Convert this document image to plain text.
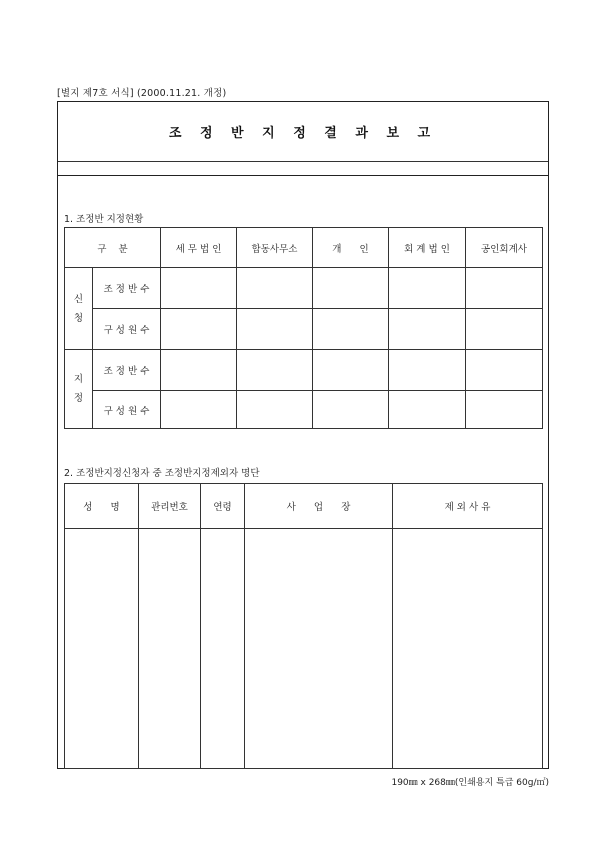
[별지 제7호 서식] (2000.11.21. 개정)
조 정 반 지 정 결 과 보 고
1. 조정반 지정현황
구    분		세 무 법 인	합동사무소	개      인	회 계 법 인	공인회계사
신
청	조 정 반 수					
	구 성 원 수					
지
정	조 정 반 수					
	구 성 원 수					
2. 조정반지정신청자 중 조정반지정제외자 명단
성      명	관리번호	연령	사      업      장	제 외 사 유

190㎜ x 268㎜(인쇄용지 특급 60g/㎡)
